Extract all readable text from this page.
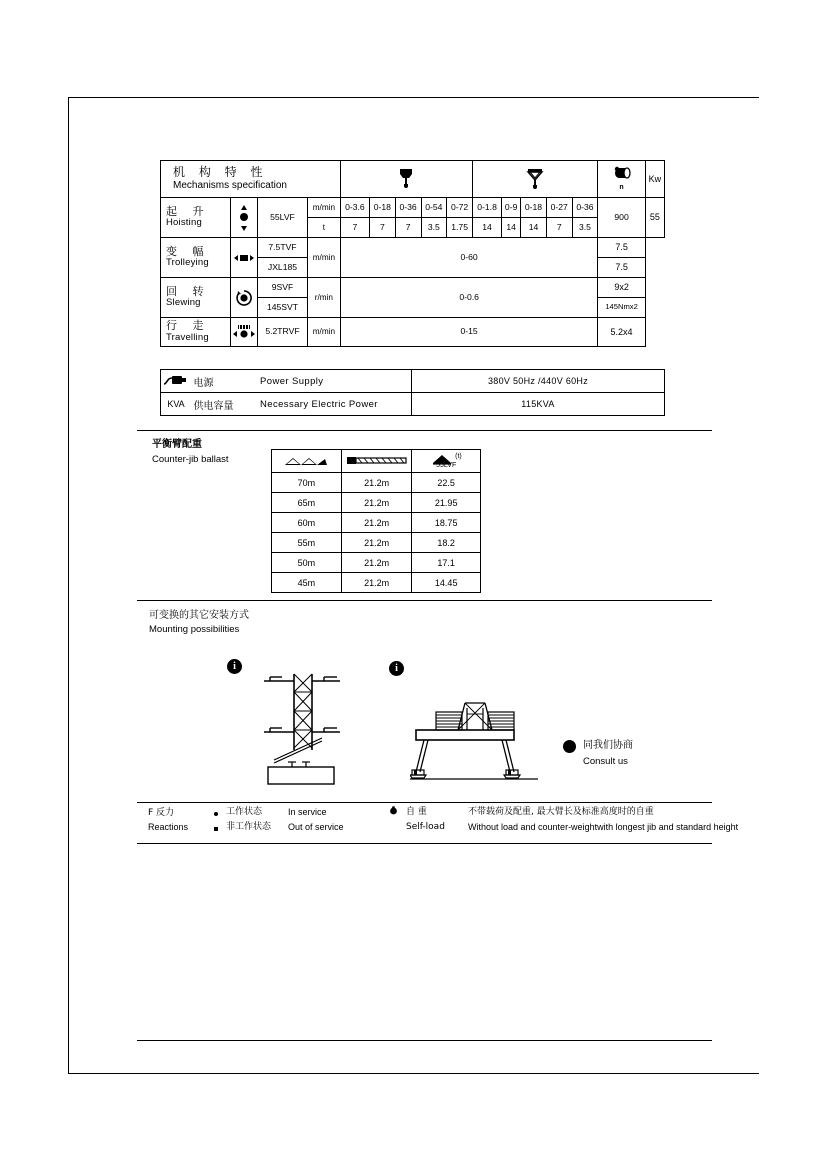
机 构 特 性
Mechanisms specification														n	Kw

起 升
Hoisting		55LVF	m/min	0-3.6	0-18	0-36	0-54	0-72	0-1.8	0-9	0-18	0-27	0-36	900	55
			t	7	7	7	3.5	1.75	14	14	14	7	3.5		

变 幅
Trolleying		7.5TVF	m/min	0-60										7.5	
		JXL185												7.5	

回 转
Slewing		9SVF	r/min	0-0.6										9x2	
		145SVT												145Nmx2	

行 走
Travelling		5.2TRVF	m/min	0-15										5.2x4	
电源 Power Supply	380V 50Hz /440V 60Hz
KVA 供电容量 Necessary Electric Power	115KVA
平衡臂配重
Counter-jib ballast

		$^{(t)}$
55LVF

70m	21.2m	22.5
65m	21.2m	21.95
60m	21.2m	18.75
55m	21.2m	18.2
50m	21.2m	17.1
45m	21.2m	14.45
可变换的其它安装方式
Mounting possibilities
i	i
同我们协商
Consult us
F 反力	工作状态	In service	自 重	不带载荷及配重, 最大臂长及标准高度时的自重
Reactions	非工作状态	Out of service	Self-load	Without load and counter-weightwith longest jib and standard height
